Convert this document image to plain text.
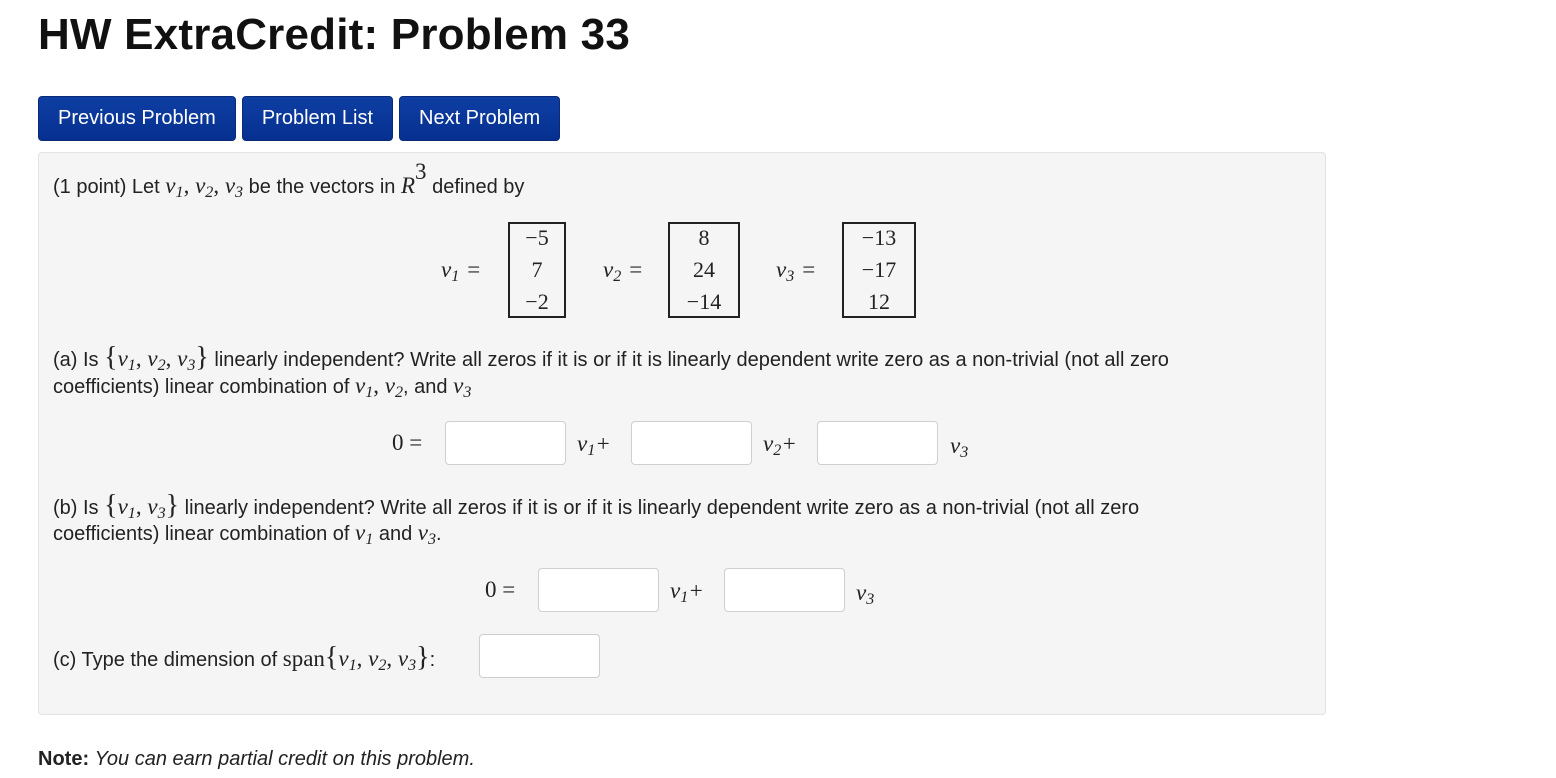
HW ExtraCredit: Problem 33
Previous Problem	Problem List	Next Problem
(1 point) Let $v_1$, $v_2$, $v_3$ be the vectors in $R^3$ defined by
$v_1$ =
−5
7
−2
$v_2$ =
8
24
−14
$v_3$ =
−13
−17
12
(a) Is {$v_1$, $v_2$, $v_3$} linearly independent? Write all zeros if it is or if it is linearly dependent write zero as a non-trivial (not all zero
coefficients) linear combination of $v_1$, $v_2$, and $v_3$
0 =	$v_1+$	$v_2+$	$v_3$
(b) Is {$v_1$, $v_3$} linearly independent? Write all zeros if it is or if it is linearly dependent write zero as a non-trivial (not all zero
coefficients) linear combination of $v_1$ and $v_3$.
0 =	$v_1+$	$v_3$
(c) Type the dimension of $span\{v_1$, $v_2$, $v_3$}:
Note: You can earn partial credit on this problem.
